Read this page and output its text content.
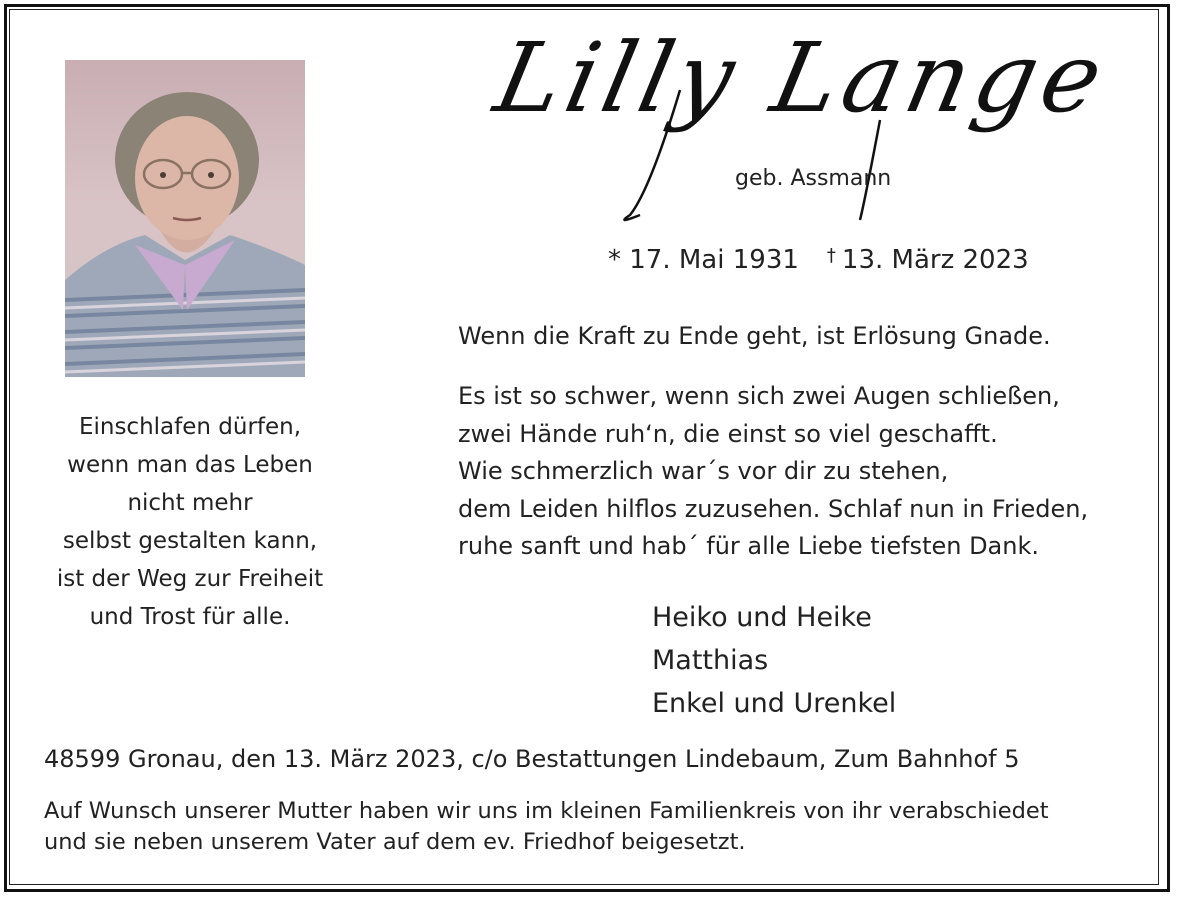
Lilly Lange
geb. Assmann
* 17. Mai 1931 † 13. März 2023
Einschlafen dürfen,
wenn man das Leben
nicht mehr
selbst gestalten kann,
ist der Weg zur Freiheit
und Trost für alle.
Wenn die Kraft zu Ende geht, ist Erlösung Gnade.
Es ist so schwer, wenn sich zwei Augen schließen,
zwei Hände ruh‘n, die einst so viel geschafft.
Wie schmerzlich war´s vor dir zu stehen,
dem Leiden hilflos zuzusehen. Schlaf nun in Frieden,
ruhe sanft und hab´ für alle Liebe tiefsten Dank.
Heiko und Heike
Matthias
Enkel und Urenkel
48599 Gronau, den 13. März 2023, c/o Bestattungen Lindebaum, Zum Bahnhof 5
Auf Wunsch unserer Mutter haben wir uns im kleinen Familienkreis von ihr verabschiedet
und sie neben unserem Vater auf dem ev. Friedhof beigesetzt.
